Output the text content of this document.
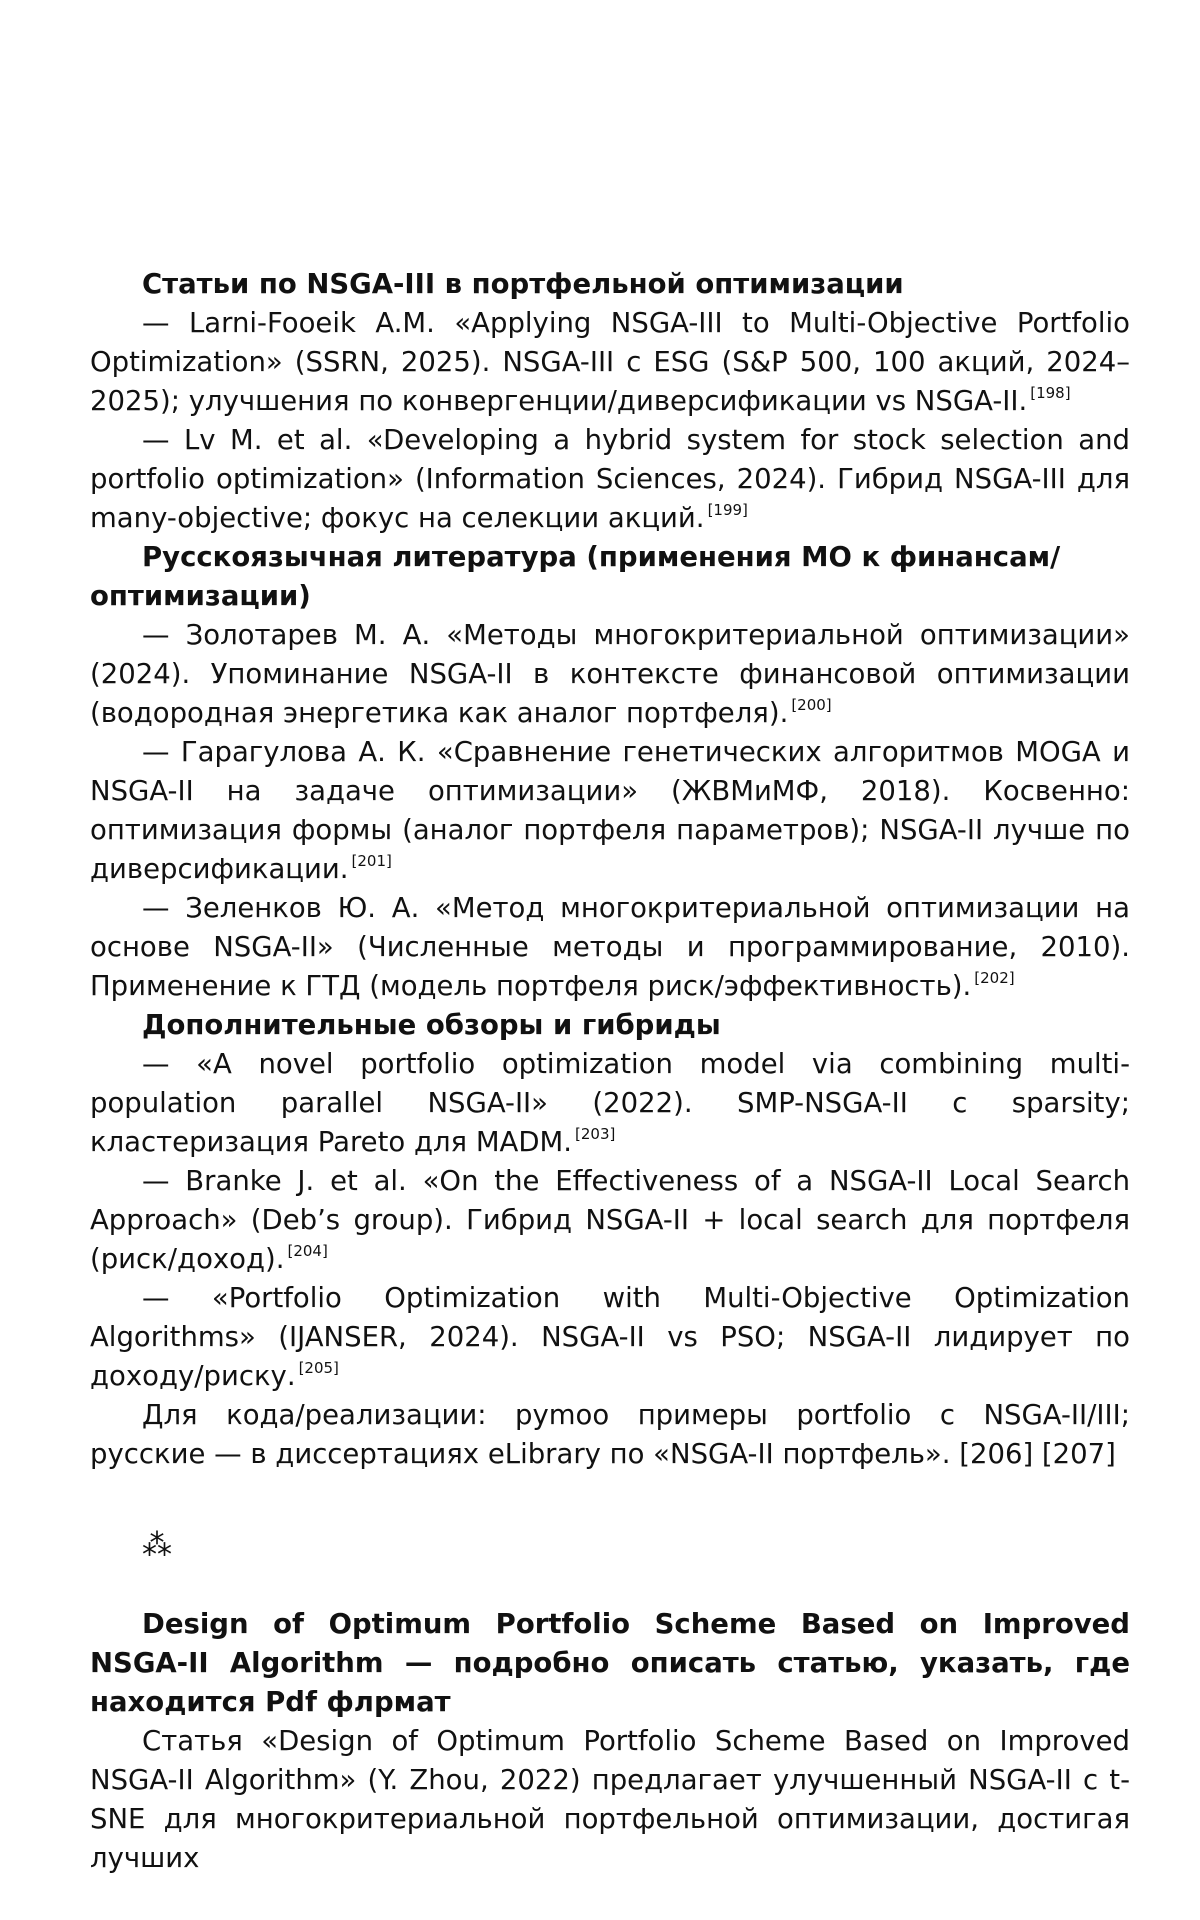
Статьи по NSGA-III в портфельной оптимизации

— Larni-Fooeik A.M. «Applying NSGA-III to Multi-Objective Portfolio Optimization» (SSRN, 2025). NSGA-III с ESG (S&P 500, 100 акций, 2024–2025); улучшения по конвергенции/диверсификации vs NSGA-II. [198]

— Lv M. et al. «Developing a hybrid system for stock selection and portfolio optimization» (Information Sciences, 2024). Гибрид NSGA-III для many-objective; фокус на селекции акций. [199]

Русскоязычная литература (применения МО к финансам/оптимизации)

— Золотарев М. А. «Методы многокритериальной оптимизации» (2024). Упоминание NSGA-II в контексте финансовой оптимизации (водородная энергетика как аналог портфеля). [200]

— Гарагулова А. К. «Сравнение генетических алгоритмов MOGA и NSGA-II на задаче оптимизации» (ЖВМиМФ, 2018). Косвенно: оптимизация формы (аналог портфеля параметров); NSGA-II лучше по диверсификации. [201]

— Зеленков Ю. А. «Метод многокритериальной оптимизации на основе NSGA-II» (Численные методы и программирование, 2010). Применение к ГТД (модель портфеля риск/эффективность). [202]

Дополнительные обзоры и гибриды

— «A novel portfolio optimization model via combining multi-population parallel NSGA-II» (2022). SMP-NSGA-II с sparsity; кластеризация Pareto для MADM. [203]

— Branke J. et al. «On the Effectiveness of a NSGA-II Local Search Approach» (Deb’s group). Гибрид NSGA-II + local search для портфеля (риск/доход). [204]

— «Portfolio Optimization with Multi-Objective Optimization Algorithms» (IJANSER, 2024). NSGA-II vs PSO; NSGA-II лидирует по доходу/риску. [205]

Для кода/реализации: pymoo примеры portfolio с NSGA-II/III; русские — в диссертациях eLibrary по «NSGA-II портфель». [206] [207]

⁂

Design of Optimum Portfolio Scheme Based on Improved NSGA-II Algorithm — подробно описать статью, указать, где находится Pdf флрмат

Статья «Design of Optimum Portfolio Scheme Based on Improved NSGA-II Algorithm» (Y. Zhou, 2022) предлагает улучшенный NSGA-II с t-SNE для многокритериальной портфельной оптимизации, достигая лучших
